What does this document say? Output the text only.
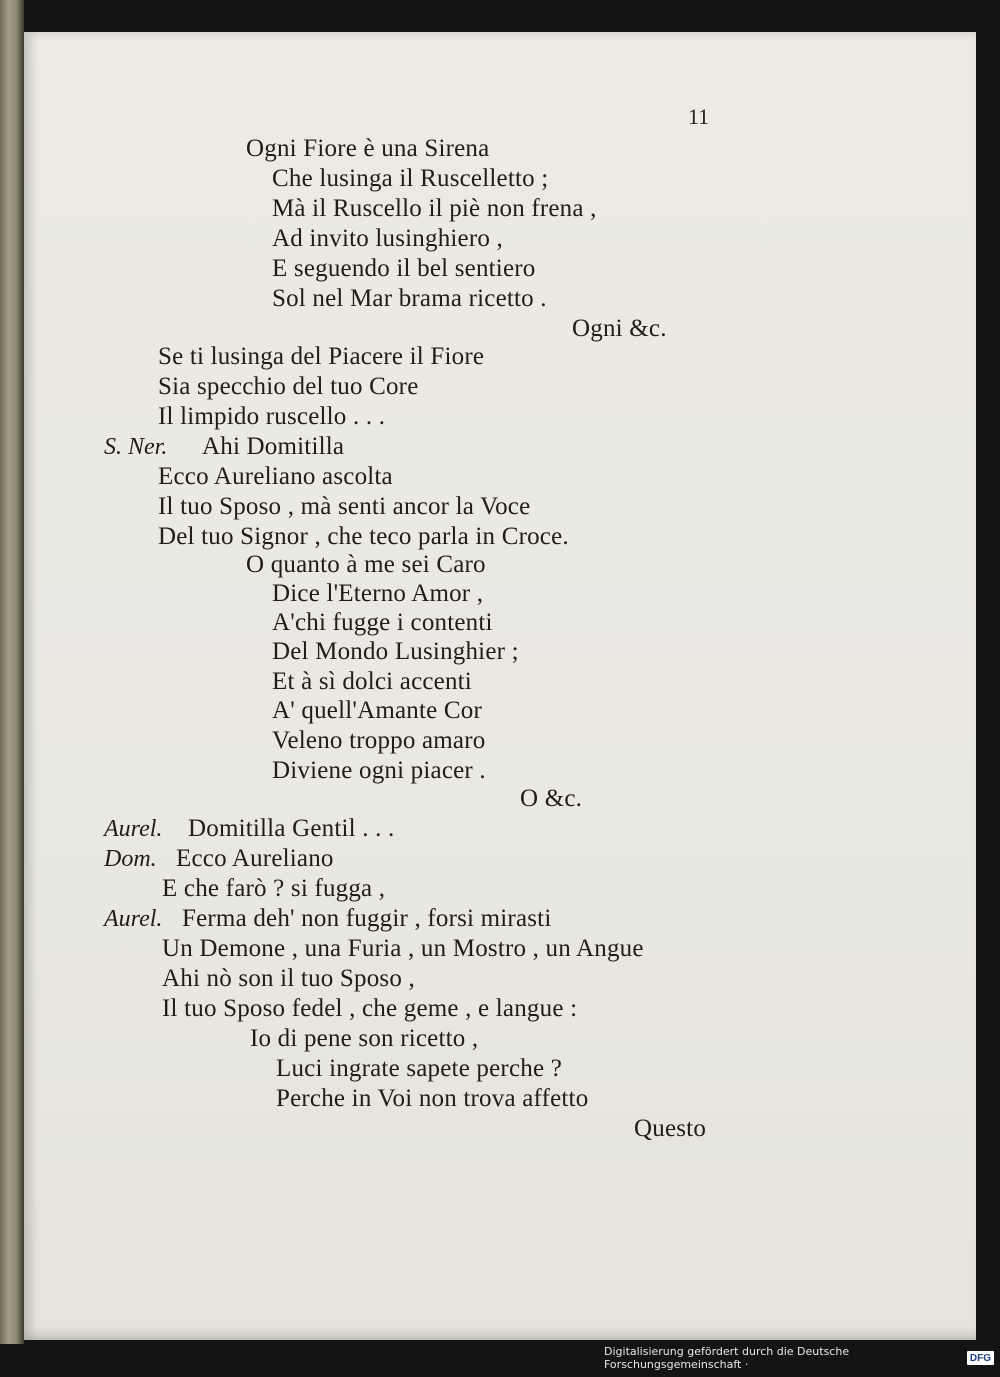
11
Ogni Fiore è una Sirena
Che lusinga il Ruscelletto ;
Mà il Ruscello il piè non frena ,
Ad invito lusinghiero ,
E seguendo il bel sentiero
Sol nel Mar brama ricetto .
Ogni &c.
Se ti lusinga del Piacere il Fiore
Sia specchio del tuo Core
Il limpido ruscello . . .
S. Ner. Ahi Domitilla
Ecco Aureliano ascolta
Il tuo Sposo , mà senti ancor la Voce
Del tuo Signor , che teco parla in Croce.
O quanto à me sei Caro
Dice l'Eterno Amor ,
A'chi fugge i contenti
Del Mondo Lusinghier ;
Et à sì dolci accenti
A' quell'Amante Cor
Veleno troppo amaro
Diviene ogni piacer .
O &c.
Aurel. Domitilla Gentil . . .
Dom. Ecco Aureliano
E che farò ? si fugga ,
Aurel. Ferma deh' non fuggir , forsi mirasti
Un Demone , una Furia , un Mostro , un Angue
Ahi nò son il tuo Sposo ,
Il tuo Sposo fedel , che geme , e langue :
Io di pene son ricetto ,
Luci ingrate sapete perche ?
Perche in Voi non trova affetto
Questo
Digitalisierung gefördert durch die Deutsche Forschungsgemeinschaft ·	DFG
